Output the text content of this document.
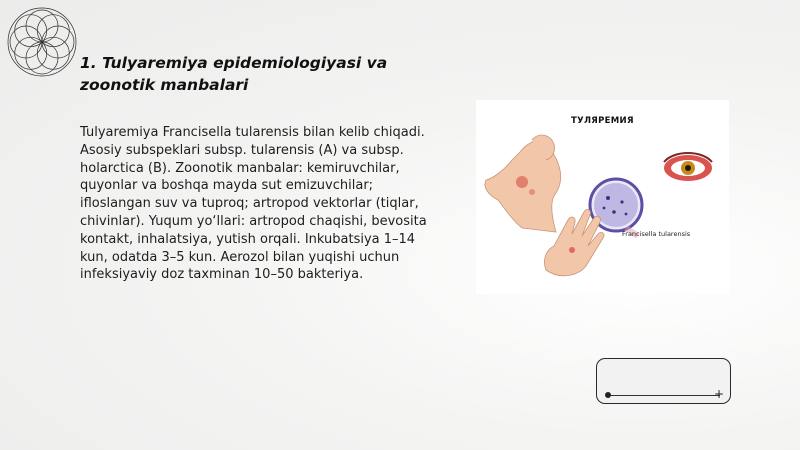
1. Tulyaremiya epidemiologiyasi va zoonotik manbalari

Tulyaremiya Francisella tularensis bilan kelib chiqadi. Asosiy subspeklari subsp. tularensis (A) va subsp. holarctica (B). Zoonotik manbalar: kemiruvchilar, quyonlar va boshqa mayda sut emizuvchilar; ifloslangan suv va tuproq; artropod vektorlar (tiqlar, chivinlar). Yuqum yo‘llari: artropod chaqishi, bevosita kontakt, inhalatsiya, yutish orqali. Inkubatsiya 1–14 kun, odatda 3–5 kun. Aerozol bilan yuqishi uchun infeksiyaviy doz taxminan 10–50 bakteriya.

ТУЛЯРЕМИЯ
Francisella tularensis
+
